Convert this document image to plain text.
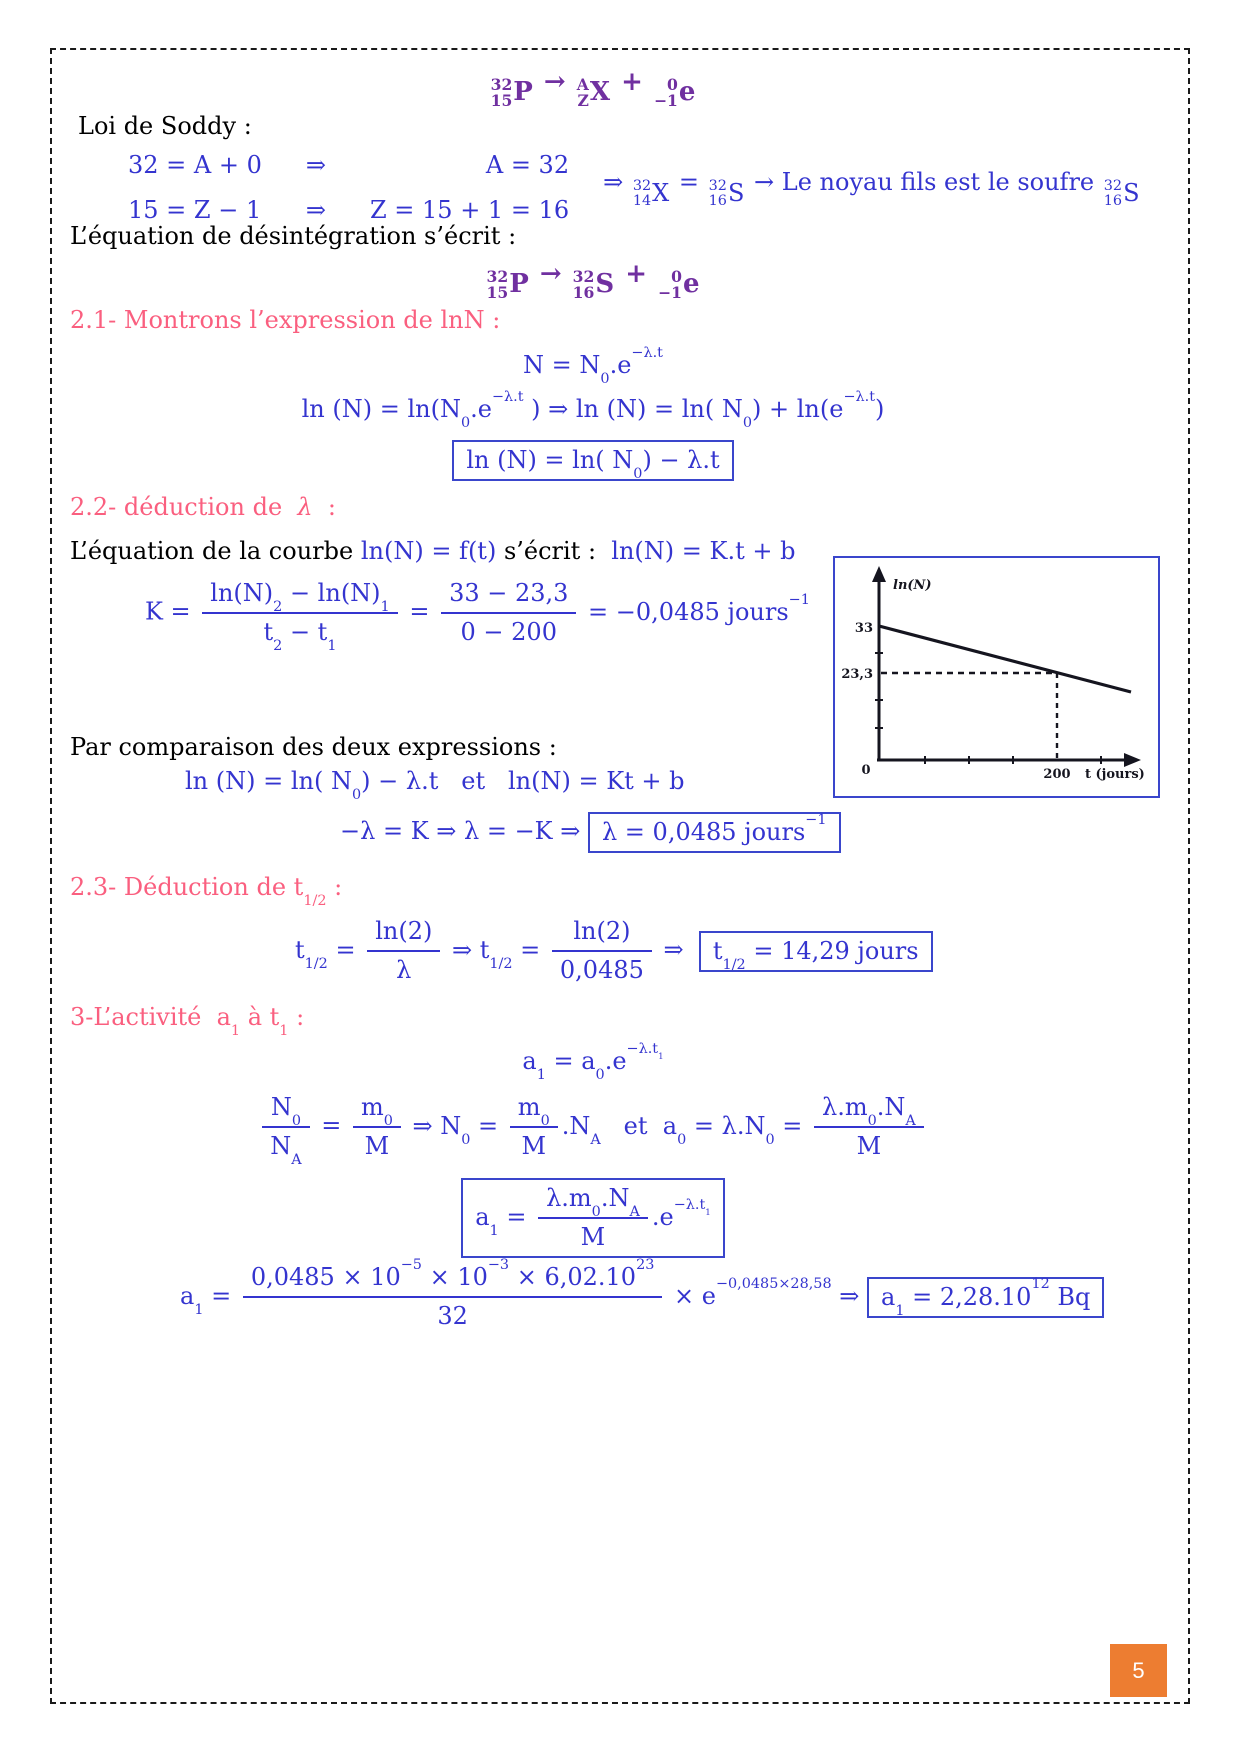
32
15 P → A
Z X + 0
−1 e
Loi de Soddy :
32 = A + 0
15 = Z − 1
⇒
⇒
A = 32
Z = 15 + 1 = 16
⇒ 32
14 X = 32
16 S → Le noyau fils est le soufre 32
16 S
L’équation de désintégration s’écrit :
32
15 P → 32
16 S + 0
−1 e
2.1- Montrons l’expression de lnN :
$N = N_0.e^{-\lambda.t}$
$\ln (N) = \ln(N_0.e^{-\lambda.t}$ ) ⇒ ln (N) = ln( $N_0) + \ln(e^{-\lambda.t})$
ln (N) = ln( $N_0) - \lambda.t$
2.2- déduction de  λ  :
L’équation de la courbe ln(N) = f(t) s’écrit :  ln(N) = K.t + b
$K = \frac{\ln(N)_2 - \ln(N)_1}{t_2 - t_1} = \frac{33 - 23,3}{0 - 200} = -0,0485$ jours$^{-1}$
ln(N)
33
23,3
0	200 t (jours)
Par comparaison des deux expressions :
ln (N) = ln( $N_0) - \lambda.t$   et   ln(N) = Kt + b
−λ = K ⇒ λ = −K ⇒ λ = 0,0485 jours$^{-1}$
2.3- Déduction de $t_{1/2}$ :
$t_{1/2} = \frac{\ln(2)}{\lambda}$ ⇒ $t_{1/2} = \frac{\ln(2)}{0,0485}$ ⇒  $t_{1/2} = 14,29$ jours
3-L’activité  $a_1$ à $t_1$ :
$a_1 = a_0.e^{-\lambda.t_1}$
$\frac{N_0}{N_A} = \frac{m_0}{M}$ ⇒ $N_0 = \frac{m_0}{M} .N_A$   et  $a_0 = \lambda.N_0 = \frac{\lambda.m_0.N_A}{M}$
$a_1 = \frac{\lambda.m_0.N_A}{M} .e^{-\lambda.t_1}$
$a_1 = \frac{0,0485 \times 10^{-5} \times 10^{-3} \times 6,02.10^{23}}{32} \times e^{-0,0485\times 28,58}$ ⇒ $a_1 = 2,28.10^{12}$ Bq
5
